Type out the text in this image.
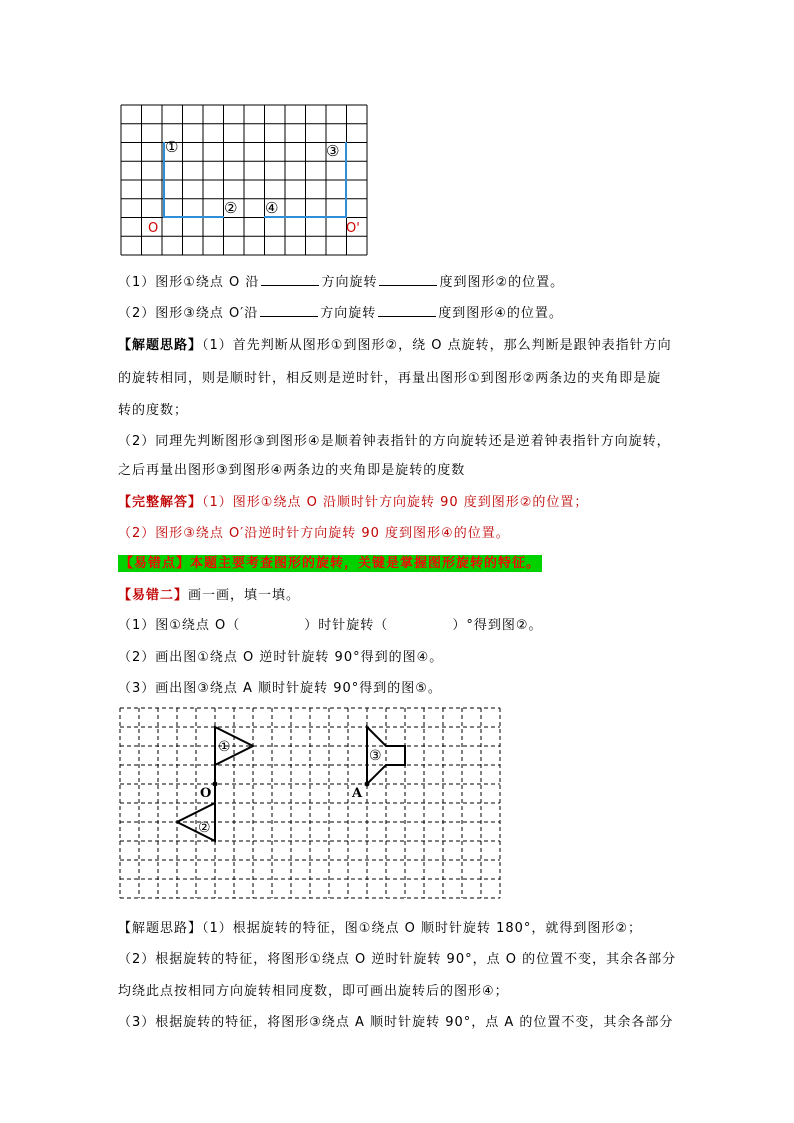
①
②
③
④
O	O'
（1）图形①绕点 O 沿	方向旋转	度到图形②的位置。
（2）图形③绕点 O′沿	方向旋转	度到图形④的位置。
【解题思路】（1）首先判断从图形①到图形②，绕 O 点旋转，那么判断是跟钟表指针方向
的旋转相同，则是顺时针，相反则是逆时针，再量出图形①到图形②两条边的夹角即是旋
转的度数；
（2）同理先判断图形③到图形④是顺着钟表指针的方向旋转还是逆着钟表指针方向旋转，
之后再量出图形③到图形④两条边的夹角即是旋转的度数
【完整解答】（1）图形①绕点 O 沿顺时针方向旋转 90 度到图形②的位置；
（2）图形③绕点 O′沿逆时针方向旋转 90 度到图形④的位置。
【易错点】本题主要考查图形的旋转，关键是掌握图形旋转的特征。
【易错二】画一画，填一填。
（1）图①绕点 O（	）时针旋转（	）°得到图②。
（2）画出图①绕点 O 逆时针旋转 90°得到的图④。
（3）画出图③绕点 A 顺时针旋转 90°得到的图⑤。
①
②
③
O	A
【解题思路】（1）根据旋转的特征，图①绕点 O 顺时针旋转 180°，就得到图形②；
（2）根据旋转的特征，将图形①绕点 O 逆时针旋转 90°，点 O 的位置不变，其余各部分
均绕此点按相同方向旋转相同度数，即可画出旋转后的图形④；
（3）根据旋转的特征，将图形③绕点 A 顺时针旋转 90°，点 A 的位置不变，其余各部分
